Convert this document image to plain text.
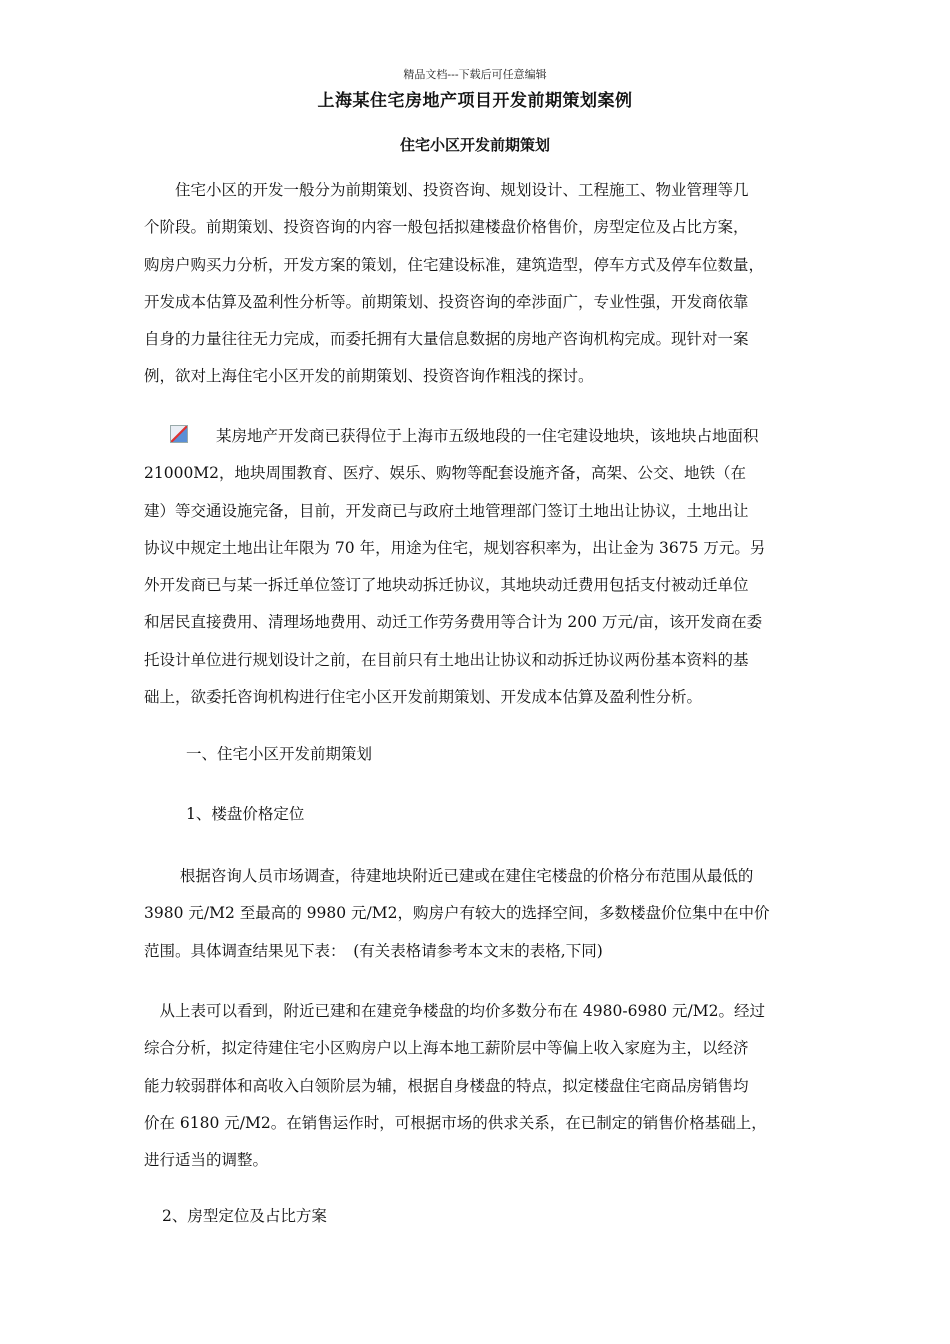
精品文档---下载后可任意编辑
上海某住宅房地产项目开发前期策划案例
住宅小区开发前期策划
　　住宅小区的开发一般分为前期策划、投资咨询、规划设计、工程施工、物业管理等几
个阶段。前期策划、投资咨询的内容一般包括拟建楼盘价格售价，房型定位及占比方案，
购房户购买力分析，开发方案的策划，住宅建设标准，建筑造型，停车方式及停车位数量，
开发成本估算及盈利性分析等。前期策划、投资咨询的牵涉面广，专业性强，开发商依靠
自身的力量往往无力完成，而委托拥有大量信息数据的房地产咨询机构完成。现针对一案
例，欲对上海住宅小区开发的前期策划、投资咨询作粗浅的探讨。
某房地产开发商已获得位于上海市五级地段的一住宅建设地块，该地块占地面积
21000M2，地块周围教育、医疗、娱乐、购物等配套设施齐备，高架、公交、地铁（在
建）等交通设施完备，目前，开发商已与政府土地管理部门签订土地出让协议，土地出让
协议中规定土地出让年限为 70 年，用途为住宅，规划容积率为，出让金为 3675 万元。另
外开发商已与某一拆迁单位签订了地块动拆迁协议，其地块动迁费用包括支付被动迁单位
和居民直接费用、清理场地费用、动迁工作劳务费用等合计为 200 万元/亩，该开发商在委
托设计单位进行规划设计之前，在目前只有土地出让协议和动拆迁协议两份基本资料的基
础上，欲委托咨询机构进行住宅小区开发前期策划、开发成本估算及盈利性分析。
一、住宅小区开发前期策划
1、楼盘价格定位
　　 根据咨询人员市场调查，待建地块附近已建或在建住宅楼盘的价格分布范围从最低的
3980 元/M2 至最高的 9980 元/M2，购房户有较大的选择空间，多数楼盘价位集中在中价
范围。具体调查结果见下表：　(有关表格请参考本文末的表格,下同)
　从上表可以看到，附近已建和在建竞争楼盘的均价多数分布在 4980-6980 元/M2。经过
综合分析，拟定待建住宅小区购房户以上海本地工薪阶层中等偏上收入家庭为主，以经济
能力较弱群体和高收入白领阶层为辅，根据自身楼盘的特点，拟定楼盘住宅商品房销售均
价在 6180 元/M2。在销售运作时，可根据市场的供求关系，在已制定的销售价格基础上，
进行适当的调整。
2、房型定位及占比方案
